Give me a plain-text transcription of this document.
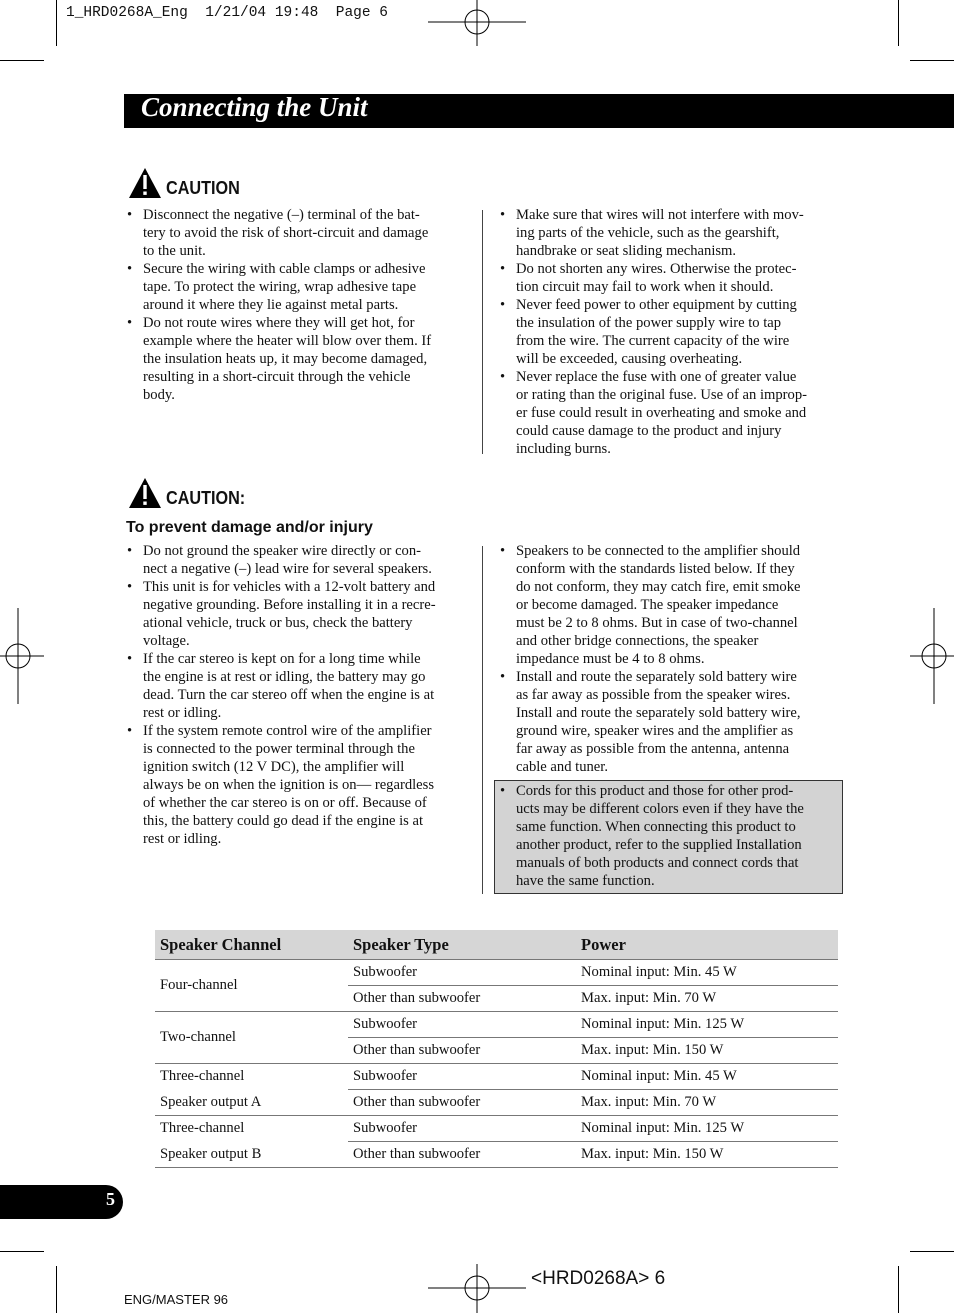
1_HRD0268A_Eng  1/21/04 19:48  Page 6
Connecting the Unit
CAUTION
• Disconnect the negative (–) terminal of the bat-
tery to avoid the risk of short-circuit and damage
to the unit.
• Secure the wiring with cable clamps or adhesive
tape. To protect the wiring, wrap adhesive tape
around it where they lie against metal parts.
• Do not route wires where they will get hot, for
example where the heater will blow over them. If
the insulation heats up, it may become damaged,
resulting in a short-circuit through the vehicle
body.
• Make sure that wires will not interfere with mov-
ing parts of the vehicle, such as the gearshift,
handbrake or seat sliding mechanism.
• Do not shorten any wires. Otherwise the protec-
tion circuit may fail to work when it should.
• Never feed power to other equipment by cutting
the insulation of the power supply wire to tap
from the wire. The current capacity of the wire
will be exceeded, causing overheating.
• Never replace the fuse with one of greater value
or rating than the original fuse. Use of an improp-
er fuse could result in overheating and smoke and
could cause damage to the product and injury
including burns.
CAUTION:
To prevent damage and/or injury
• Do not ground the speaker wire directly or con-
nect a negative (–) lead wire for several speakers.
• This unit is for vehicles with a 12-volt battery and
negative grounding. Before installing it in a recre-
ational vehicle, truck or bus, check the battery
voltage.
• If the car stereo is kept on for a long time while
the engine is at rest or idling, the battery may go
dead. Turn the car stereo off when the engine is at
rest or idling.
• If the system remote control wire of the amplifier
is connected to the power terminal through the
ignition switch (12 V DC), the amplifier will
always be on when the ignition is on— regardless
of whether the car stereo is on or off. Because of
this, the battery could go dead if the engine is at
rest or idling.
• Speakers to be connected to the amplifier should
conform with the standards listed below. If they
do not conform, they may catch fire, emit smoke
or become damaged. The speaker impedance
must be 2 to 8 ohms. But in case of two-channel
and other bridge connections, the speaker
impedance must be 4 to 8 ohms.
• Install and route the separately sold battery wire
as far away as possible from the speaker wires.
Install and route the separately sold battery wire,
ground wire, speaker wires and the amplifier as
far away as possible from the antenna, antenna
cable and tuner.
• Cords for this product and those for other prod-
ucts may be different colors even if they have the
same function. When connecting this product to
another product, refer to the supplied Installation
manuals of both products and connect cords that
have the same function.
Speaker Channel	Speaker Type	Power
Four-channel	Subwoofer	Nominal input: Min. 45 W
	Other than subwoofer	Max. input: Min. 70 W
Two-channel	Subwoofer	Nominal input: Min. 125 W
	Other than subwoofer	Max. input: Min. 150 W
Three-channel	Subwoofer	Nominal input: Min. 45 W
Speaker output A	Other than subwoofer	Max. input: Min. 70 W
Three-channel	Subwoofer	Nominal input: Min. 125 W
Speaker output B	Other than subwoofer	Max. input: Min. 150 W
5
<HRD0268A> 6
ENG/MASTER 96
